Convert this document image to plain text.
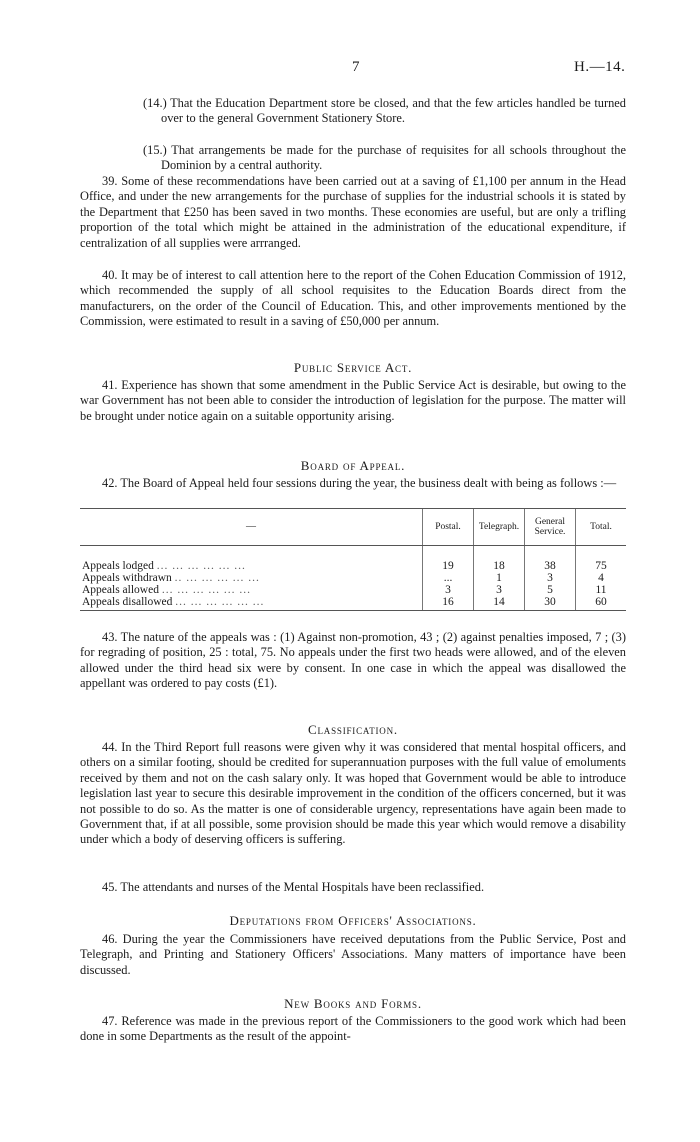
7	H.—14.

(14.) That the Education Department store be closed, and that the few articles handled be turned over to the general Government Stationery Store.

(15.) That arrangements be made for the purchase of requisites for all schools throughout the Dominion by a central authority.

39. Some of these recommendations have been carried out at a saving of £1,100 per annum in the Head Office, and under the new arrangements for the purchase of supplies for the industrial schools it is stated by the Department that £250 has been saved in two months. These economies are useful, but are only a trifling proportion of the total which might be attained in the administration of the educational expenditure, if centralization of all supplies were arrranged.

40. It may be of interest to call attention here to the report of the Cohen Education Commission of 1912, which recommended the supply of all school requisites to the Education Boards direct from the manufacturers, on the order of the Council of Education. This, and other improvements mentioned by the Commission, were estimated to result in a saving of £50,000 per annum.

Public Service Act.

41. Experience has shown that some amendment in the Public Service Act is desirable, but owing to the war Government has not been able to consider the introduction of legislation for the purpose. The matter will be brought under notice again on a suitable opportunity arising.

Board of Appeal.

42. The Board of Appeal held four sessions during the year, the business dealt with being as follows :—

—	Postal.	Telegraph.	General Service.	Total.

Appeals lodged ... ... ... ... ... ...	19	18	38	75
Appeals withdrawn .. ... ... ... ... ...	...	1	3	4
Appeals allowed ... ... ... ... ... ...	3	3	5	11
Appeals disallowed ... ... ... ... ... ...	16	14	30	60

43. The nature of the appeals was : (1) Against non-promotion, 43 ; (2) against penalties imposed, 7 ; (3) for regrading of position, 25 : total, 75. No appeals under the first two heads were allowed, and of the eleven allowed under the third head six were by consent. In one case in which the appeal was disallowed the appellant was ordered to pay costs (£1).

Classification.

44. In the Third Report full reasons were given why it was considered that mental hospital officers, and others on a similar footing, should be credited for superannuation purposes with the full value of emoluments received by them and not on the cash salary only. It was hoped that Government would be able to introduce legislation last year to secure this desirable improvement in the condition of the officers concerned, but it was not possible to do so. As the matter is one of considerable urgency, representations have again been made to Government that, if at all possible, some provision should be made this year which would remove a disability under which a body of deserving officers is suffering.

45. The attendants and nurses of the Mental Hospitals have been reclassified.

Deputations from Officers' Associations.

46. During the year the Commissioners have received deputations from the Public Service, Post and Telegraph, and Printing and Stationery Officers' Associations. Many matters of importance have been discussed.

New Books and Forms.

47. Reference was made in the previous report of the Commissioners to the good work which had been done in some Departments as the result of the appoint-
